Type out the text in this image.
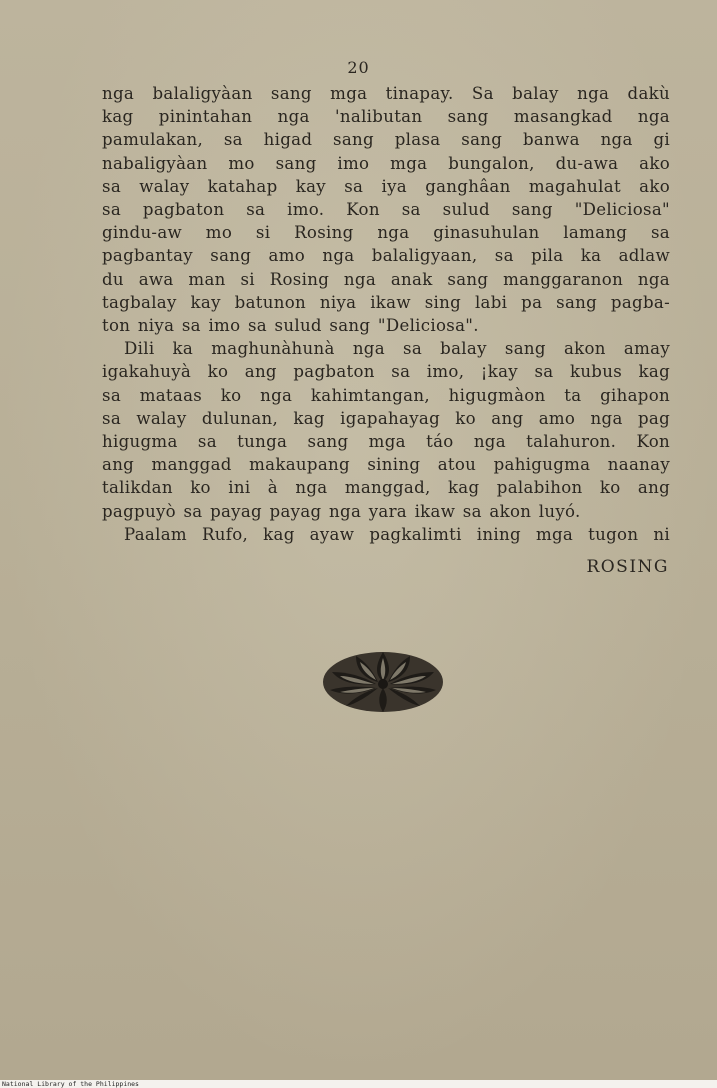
20
nga balaligyàan sang mga tinapay. Sa balay nga dakù
kag pinintahan nga 'nalibutan sang masangkad nga
pamulakan, sa higad sang plasa sang banwa nga gi
nabaligyàan mo sang imo mga bungalon, du-awa ako
sa walay katahap kay sa iya ganghâan magahulat ako
sa pagbaton sa imo. Kon sa sulud sang "Deliciosa"
gindu-aw mo si Rosing nga ginasuhulan lamang sa
pagbantay sang amo nga balaligyaan, sa pila ka adlaw
du awa man si Rosing nga anak sang manggaranon nga
tagbalay kay batunon niya ikaw sing labi pa sang pagba-
ton niya sa imo sa sulud sang "Deliciosa".
Dili ka maghunàhunà nga sa balay sang akon amay
igakahuyà ko ang pagbaton sa imo, ¡kay sa kubus kag
sa mataas ko nga kahimtangan, higugmàon ta gihapon
sa walay dulunan, kag igapahayag ko ang amo nga pag
higugma sa tunga sang mga táo nga talahuron. Kon
ang manggad makaupang sining atou pahigugma naanay
talikdan ko ini à nga manggad, kag palabihon ko ang
pagpuyò sa payag payag nga yara ikaw sa akon luyó.
Paalam Rufo, kag ayaw pagkalimti ining mga tugon ni
ROSING
National Library of the Philippines
